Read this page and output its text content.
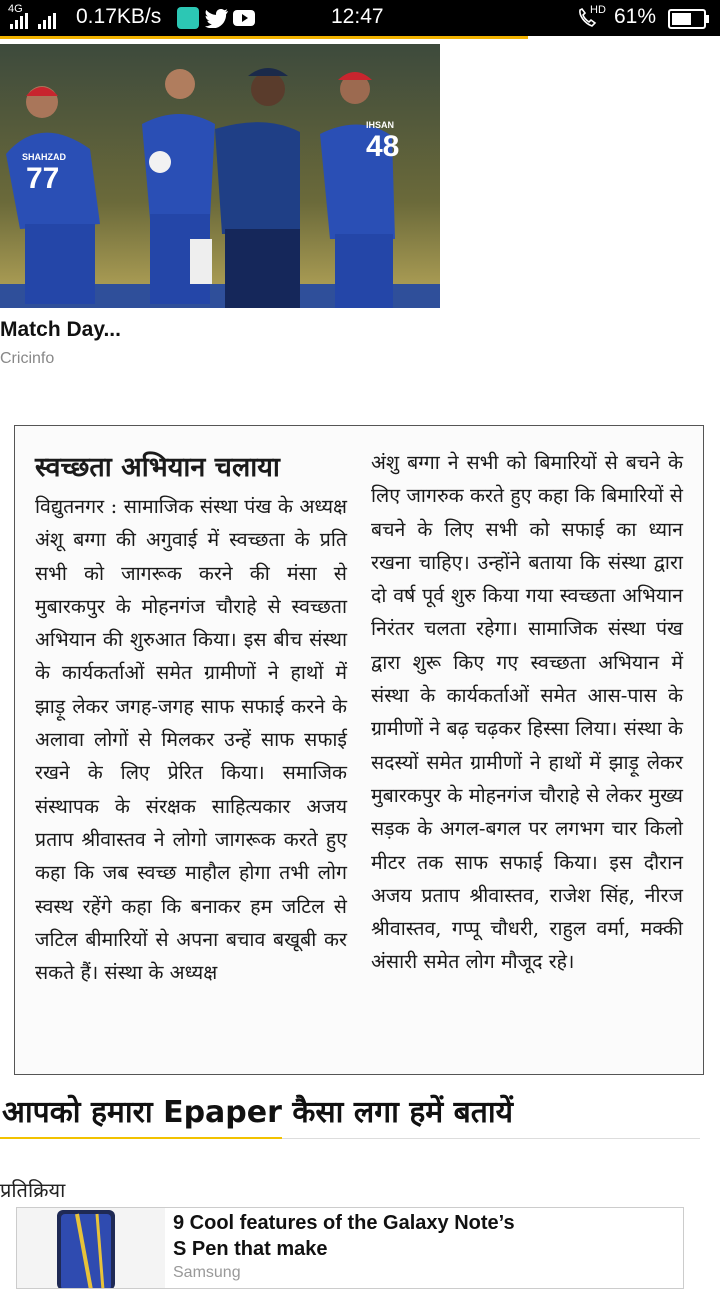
4G	0.17KB/s	12:47	HD 61%
SHAHZAD
77
IHSAN
48
Match Day...
Cricinfo
स्वच्छता अभियान चलाया
विद्युतनगर : सामाजिक संस्था पंख के अध्यक्ष अंशू बग्गा की अगुवाई में स्वच्छता के प्रति सभी को जागरूक करने की मंसा से मुबारकपुर के मोहनगंज चौराहे से स्वच्छता अभियान की शुरुआत किया। इस बीच संस्था के कार्यकर्ताओं समेत ग्रामीणों ने हाथों में झाड़ू लेकर जगह-जगह साफ सफाई करने के अलावा लोगों से मिलकर उन्हें साफ सफाई रखने के लिए प्रेरित किया। समाजिक संस्थापक के संरक्षक साहित्यकार अजय प्रताप श्रीवास्तव ने लोगो जागरूक करते हुए कहा कि जब स्वच्छ माहौल होगा तभी लोग स्वस्थ रहेंगे कहा कि बनाकर हम जटिल से जटिल बीमारियों से अपना बचाव बखूबी कर सकते हैं। संस्था के अध्यक्ष
अंशु बग्गा ने सभी को बिमारियों से बचने के लिए जागरुक करते हुए कहा कि बिमारियों से बचने के लिए सभी को सफाई का ध्यान रखना चाहिए। उन्होंने बताया कि संस्था द्वारा दो वर्ष पूर्व शुरु किया गया स्वच्छता अभियान निरंतर चलता रहेगा। सामाजिक संस्था पंख द्वारा शुरू किए गए स्वच्छता अभियान में संस्था के कार्यकर्ताओं समेत आस-पास के ग्रामीणों ने बढ़ चढ़कर हिस्सा लिया। संस्था के सदस्यों समेत ग्रामीणों ने हाथों में झाड़ू लेकर मुबारकपुर के मोहनगंज चौराहे से लेकर मुख्य सड़क के अगल-बगल पर लगभग चार किलो मीटर तक साफ सफाई किया। इस दौरान अजय प्रताप श्रीवास्तव, राजेश सिंह, नीरज श्रीवास्तव, गप्पू चौधरी, राहुल वर्मा, मक्की अंसारी समेत लोग मौजूद रहे।
आपको हमारा Epaper कैसा लगा हमें बतायें
प्रतिक्रिया
9 Cool features of the Galaxy Note’s S Pen that make
Samsung
